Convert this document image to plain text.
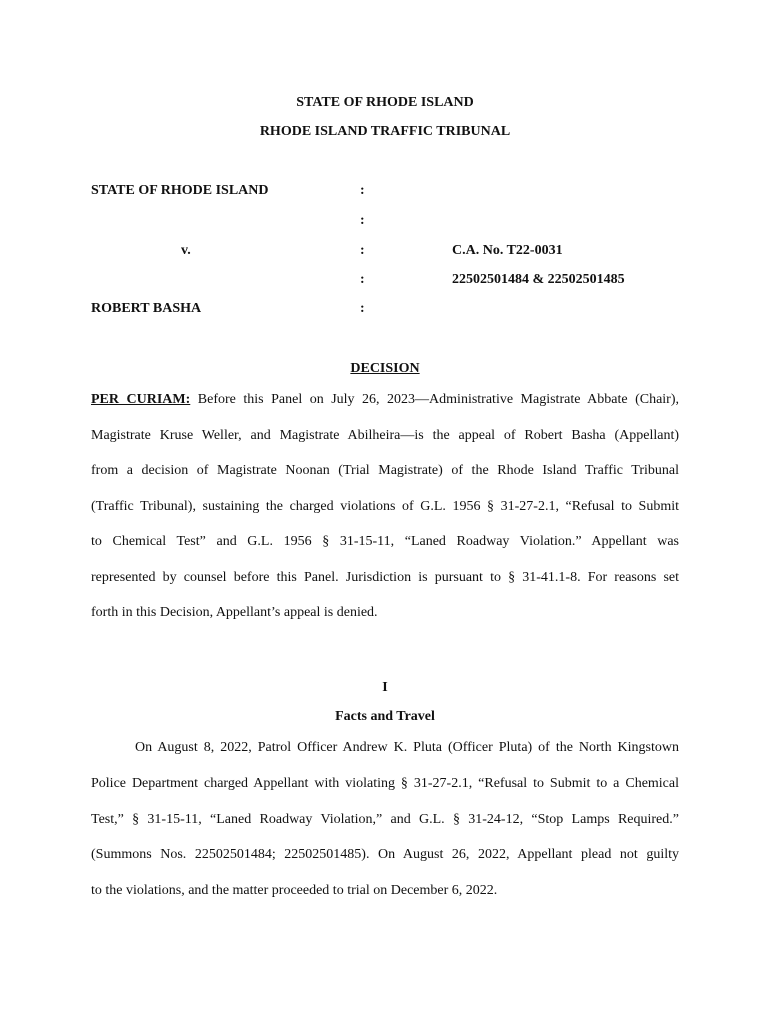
STATE OF RHODE ISLAND
RHODE ISLAND TRAFFIC TRIBUNAL
STATE OF RHODE ISLAND
v.
ROBERT BASHA
:
:
:
:
:
C.A. No. T22-0031
22502501484 & 22502501485
DECISION
PER CURIAM: Before this Panel on July 26, 2023—Administrative Magistrate Abbate (Chair),
Magistrate Kruse Weller, and Magistrate Abilheira—is the appeal of Robert Basha (Appellant)
from a decision of Magistrate Noonan (Trial Magistrate) of the Rhode Island Traffic Tribunal
(Traffic Tribunal), sustaining the charged violations of G.L. 1956 § 31-27-2.1, “Refusal to Submit
to Chemical Test” and G.L. 1956 § 31-15-11, “Laned Roadway Violation.” Appellant was
represented by counsel before this Panel. Jurisdiction is pursuant to § 31-41.1-8. For reasons set
forth in this Decision, Appellant’s appeal is denied.
I
Facts and Travel
On August 8, 2022, Patrol Officer Andrew K. Pluta (Officer Pluta) of the North Kingstown
Police Department charged Appellant with violating § 31-27-2.1, “Refusal to Submit to a Chemical
Test,” § 31-15-11, “Laned Roadway Violation,” and G.L. § 31-24-12, “Stop Lamps Required.”
(Summons Nos. 22502501484; 22502501485). On August 26, 2022, Appellant plead not guilty
to the violations, and the matter proceeded to trial on December 6, 2022.
